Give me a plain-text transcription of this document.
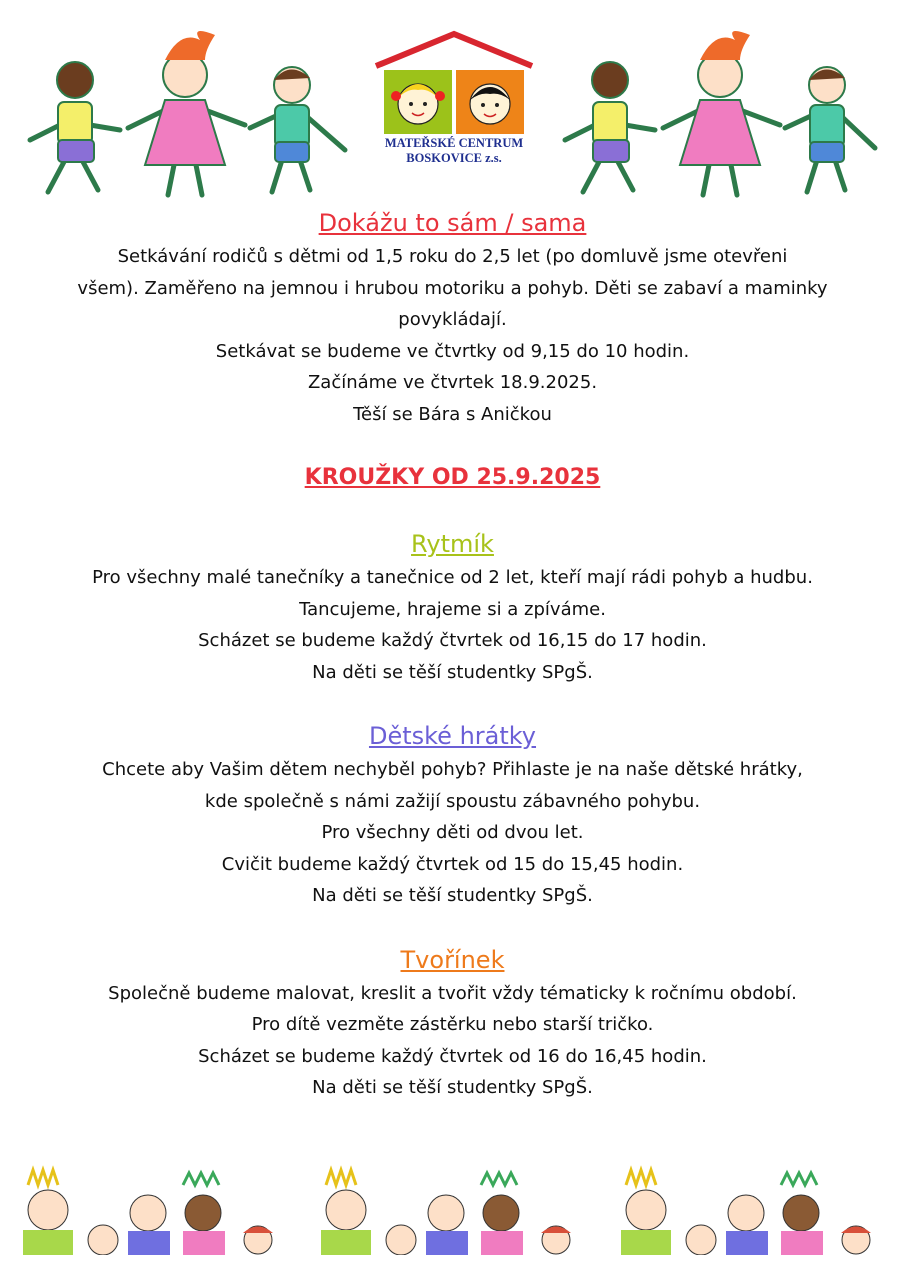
MATEŘSKÉ CENTRUM
BOSKOVICE z.s.
Dokážu to sám / sama

Setkávání rodičů s dětmi od 1,5 roku do 2,5 let (po domluvě jsme otevřeni

všem). Zaměřeno na jemnou i hrubou motoriku a pohyb. Děti se zabaví a maminky

povykládají.

Setkávat se budeme ve čtvrtky od 9,15 do 10 hodin.

Začínáme ve čtvrtek 18.9.2025.

Těší se Bára s Aničkou

KROUŽKY OD 25.9.2025

Rytmík

Pro všechny malé tanečníky a tanečnice od 2 let, kteří mají rádi pohyb a hudbu.

Tancujeme, hrajeme si a zpíváme.

Scházet se budeme každý čtvrtek od 16,15 do 17 hodin.

Na děti se těší studentky SPgŠ.

Dětské hrátky

Chcete aby Vašim dětem nechyběl pohyb? Přihlaste je na naše dětské hrátky,

kde společně s námi zažijí spoustu zábavného pohybu.

Pro všechny děti od dvou let.

Cvičit budeme každý čtvrtek od 15 do 15,45 hodin.

Na děti se těší studentky SPgŠ.

Tvořínek

Společně budeme malovat, kreslit a tvořit vždy tématicky k ročnímu období.

Pro dítě vezměte zástěrku nebo starší tričko.

Scházet se budeme každý čtvrtek od 16 do 16,45 hodin.

Na děti se těší studentky SPgŠ.
